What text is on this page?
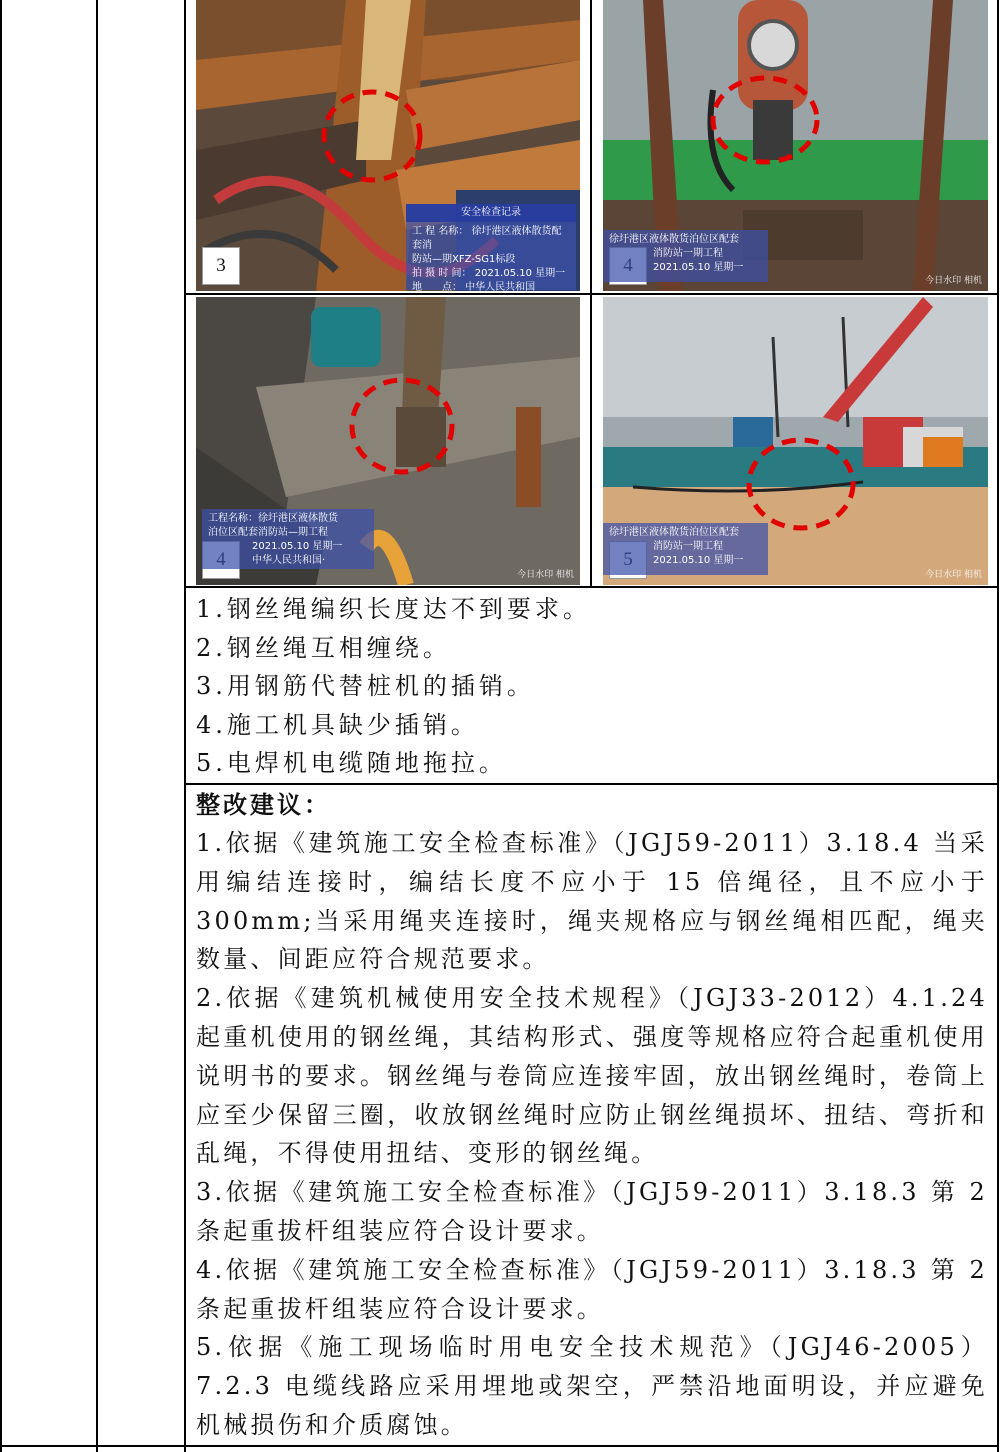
3
安全检查记录
工 程 名称： 徐圩港区液体散货配套消
防站—期XFZ-SG1标段
拍 摄 时 间： 2021.05.10 星期一
地　　点： 中华人民共和国
徐圩港区液体散货泊位区配套
消防站一期工程
2021.05.10 星期一
今日水印 相机
工程名称：徐圩港区液体散货
泊位区配套消防站—期工程
2021.05.10 星期一
中华人民共和国·
今日水印 相机
徐圩港区液体散货泊位区配套
消防站一期工程
2021.05.10 星期一
今日水印 相机
1.钢丝绳编织长度达不到要求。
2.钢丝绳互相缠绕。
3.用钢筋代替桩机的插销。
4.施工机具缺少插销。
5.电焊机电缆随地拖拉。
整改建议：
1.依据《建筑施工安全检查标准》（JGJ59-2011）3.18.4 当采用编结连接时，编结长度不应小于 15 倍绳径，且不应小于 300mm;当采用绳夹连接时，绳夹规格应与钢丝绳相匹配，绳夹数量、间距应符合规范要求。
2.依据《建筑机械使用安全技术规程》（JGJ33-2012）4.1.24 起重机使用的钢丝绳，其结构形式、强度等规格应符合起重机使用说明书的要求。钢丝绳与卷筒应连接牢固，放出钢丝绳时，卷筒上应至少保留三圈，收放钢丝绳时应防止钢丝绳损坏、扭结、弯折和乱绳，不得使用扭结、变形的钢丝绳。
3.依据《建筑施工安全检查标准》（JGJ59-2011）3.18.3 第 2 条起重拔杆组装应符合设计要求。
4.依据《建筑施工安全检查标准》（JGJ59-2011）3.18.3 第 2 条起重拔杆组装应符合设计要求。
5.依据《施工现场临时用电安全技术规范》（JGJ46-2005）7.2.3 电缆线路应采用埋地或架空，严禁沿地面明设，并应避免机械损伤和介质腐蚀。
